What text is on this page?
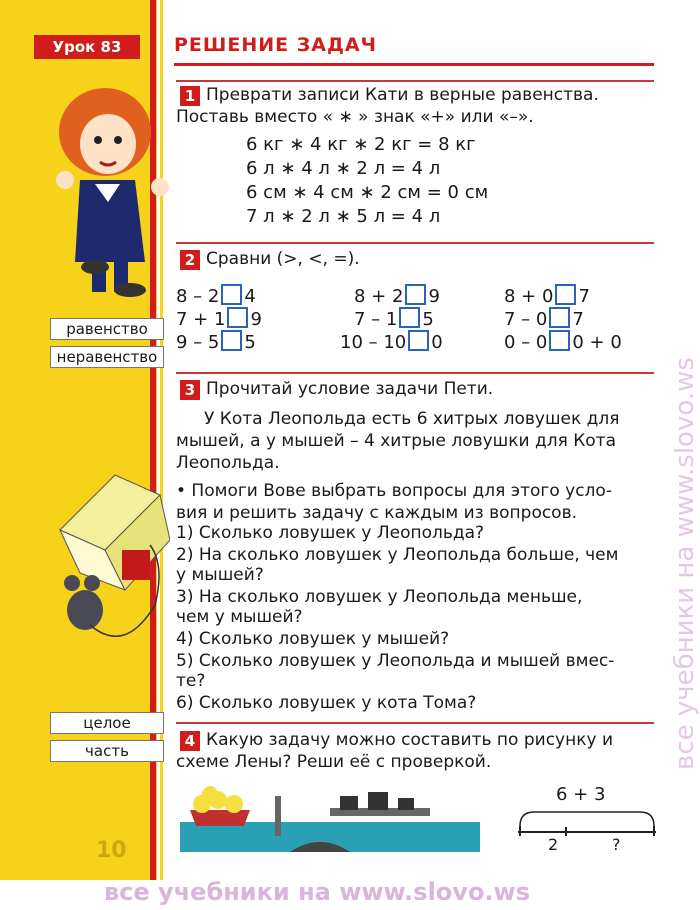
Урок 83	РЕШЕНИЕ ЗАДАЧ
равенство
неравенство
целое
часть
1 Преврати записи Кати в верные равенства.
Поставь вместо « ∗ » знак «+» или «–».
6 кг ∗ 4 кг ∗ 2 кг = 8 кг
6 л ∗ 4 л ∗ 2 л = 4 л
6 см ∗ 4 см ∗ 2 см = 0 см
7 л ∗ 2 л ∗ 5 л = 4 л
2 Сравни (>, <, =).
8 – 2 4	8 + 2 9	8 + 0 7
7 + 1 9	7 – 1 5	7 – 0 7
9 – 5 5	10 – 10 0	0 – 0 0 + 0
3 Прочитай условие задачи Пети.
У Кота Леопольда есть 6 хитрых ловушек для
мышей, а у мышей – 4 хитрые ловушки для Кота
Леопольда.
• Помоги Вове выбрать вопросы для этого усло-
вия и решить задачу с каждым из вопросов.
1) Сколько ловушек у Леопольда?
2) На сколько ловушек у Леопольда больше, чем
у мышей?
3) На сколько ловушек у Леопольда меньше,
чем у мышей?
4) Сколько ловушек у мышей?
5) Сколько ловушек у Леопольда и мышей вмес-
те?
6) Сколько ловушек у кота Тома?
4 Какую задачу можно составить по рисунку и
схеме Лены? Реши её с проверкой.
6 + 3
2	?
10
все учебники на www.slovo.ws
все учебники на www.slovo.ws
